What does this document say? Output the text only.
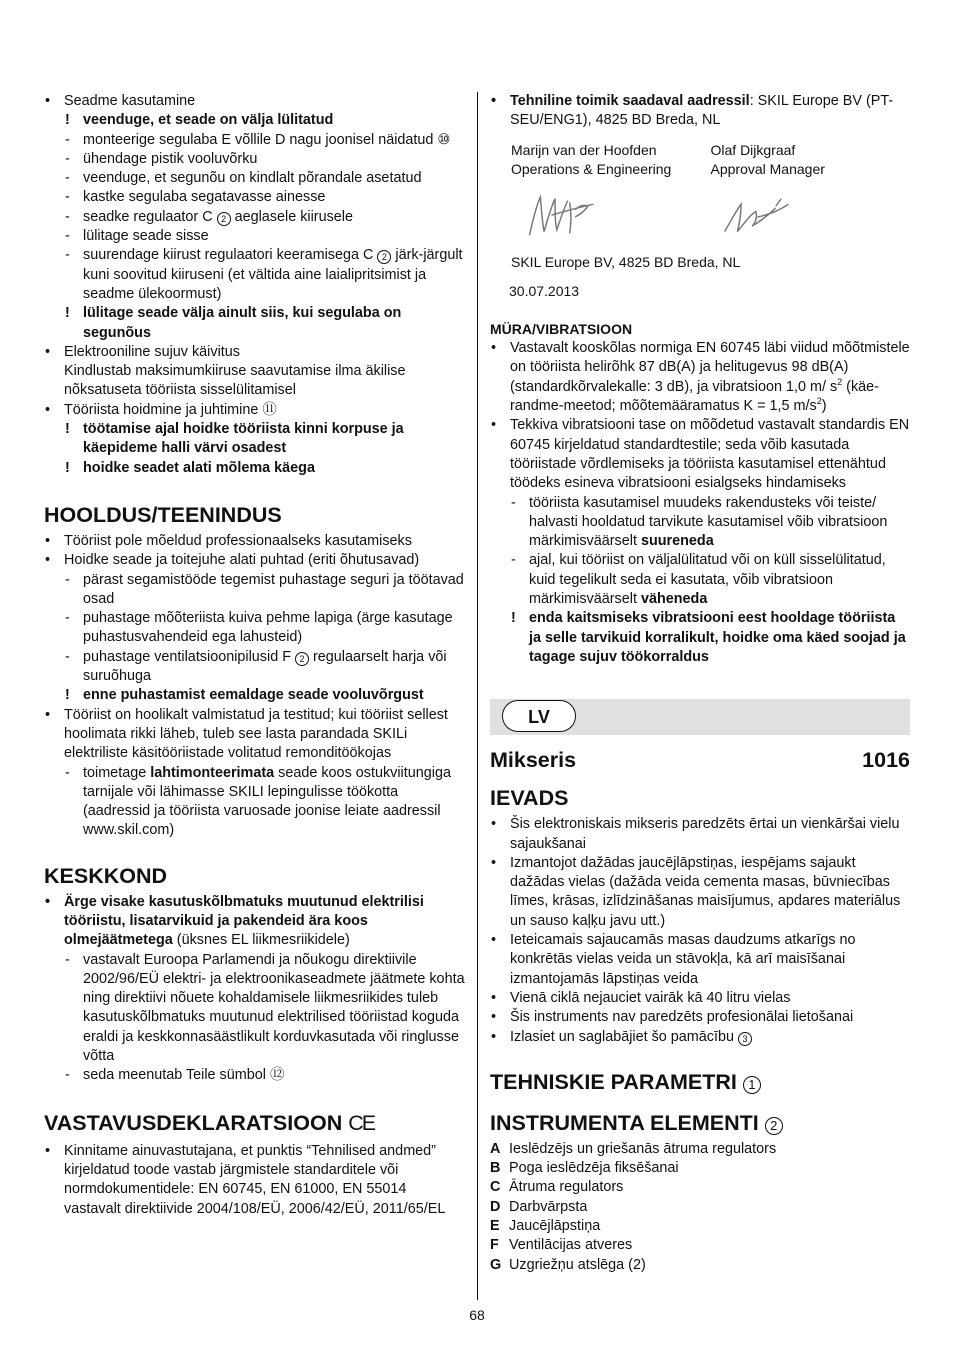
• Seadme kasutamine
! veenduge, et seade on välja lülitatud
- monteerige segulaba E võllile D nagu joonisel näidatud ⑩
- ühendage pistik vooluvõrku
- veenduge, et segunõu on kindlalt põrandale asetatud
- kastke segulaba segatavasse ainesse
- seadke regulaator C 2 aeglasele kiirusele
- lülitage seade sisse
- suurendage kiirust regulaatori keeramisega C 2 järk-järgult kuni soovitud kiiruseni (et vältida aine laialipritsimist ja seadme ülekoormust)
! lülitage seade välja ainult siis, kui segulaba on segunõus
• Elektrooniline sujuv käivitus
Kindlustab maksimumkiiruse saavutamise ilma äkilise nõksatuseta tööriista sisselülitamisel
• Tööriista hoidmine ja juhtimine ⑪
! töötamise ajal hoidke tööriista kinni korpuse ja käepideme halli värvi osadest
! hoidke seadet alati mõlema käega
HOOLDUS/TEENINDUS
• Tööriist pole mõeldud professionaalseks kasutamiseks
• Hoidke seade ja toitejuhe alati puhtad (eriti õhutusavad)
- pärast segamistööde tegemist puhastage seguri ja töötavad osad
- puhastage mõõteriista kuiva pehme lapiga (ärge kasutage puhastusvahendeid ega lahusteid)
- puhastage ventilatsioonipilusid F 2 regulaarselt harja või suruõhuga
! enne puhastamist eemaldage seade vooluvõrgust
• Tööriist on hoolikalt valmistatud ja testitud; kui tööriist sellest hoolimata rikki läheb, tuleb see lasta parandada SKILi elektriliste käsitööriistade volitatud remonditöökojas
- toimetage lahtimonteerimata seade koos ostukviitungiga tarnijale või lähimasse SKILI lepingulisse töökotta (aadressid ja tööriista varuosade joonise leiate aadressil www.skil.com)
KESKKOND
• Ärge visake kasutuskõlbmatuks muutunud elektrilisi tööriistu, lisatarvikuid ja pakendeid ära koos olmejäätmetega (üksnes EL liikmesriikidele)
- vastavalt Euroopa Parlamendi ja nõukogu direktiivile 2002/96/EÜ elektri- ja elektroonikaseadmete jäätmete kohta ning direktiivi nõuete kohaldamisele liikmesriikides tuleb kasutuskõlbmatuks muutunud elektrilised tööriistad koguda eraldi ja keskkonnasäästlikult korduvkasutada või ringlusse võtta
- seda meenutab Teile sümbol ⑫
VASTAVUSDEKLARATSIOON CE
• Kinnitame ainuvastutajana, et punktis “Tehnilised andmed” kirjeldatud toode vastab järgmistele standarditele või normdokumentidele: EN 60745, EN 61000, EN 55014 vastavalt direktiivide 2004/108/EÜ, 2006/42/EÜ, 2011/65/EL
• Tehniline toimik saadaval aadressil: SKIL Europe BV (PT-SEU/ENG1), 4825 BD Breda, NL
Marijn van der Hoofden
Operations & Engineering
Olaf Dijkgraaf
Approval Manager
SKIL Europe BV, 4825 BD Breda, NL
30.07.2013
MÜRA/VIBRATSIOON
• Vastavalt kooskõlas normiga EN 60745 läbi viidud mõõtmistele on tööriista helirõhk 87 dB(A) ja helitugevus 98 dB(A) (standardkõrvalekalle: 3 dB), ja vibratsioon 1,0 m/ $s^2$ (käe-randme-meetod; mõõtemääramatus K = 1,5 $m/s^2$)
• Tekkiva vibratsiooni tase on mõõdetud vastavalt standardis EN 60745 kirjeldatud standardtestile; seda võib kasutada tööriistade võrdlemiseks ja tööriista kasutamisel ettenähtud töödeks esineva vibratsiooni esialgseks hindamiseks
- tööriista kasutamisel muudeks rakendusteks või teiste/ halvasti hooldatud tarvikute kasutamisel võib vibratsioon märkimisväärselt suureneda
- ajal, kui tööriist on väljalülitatud või on küll sisselülitatud, kuid tegelikult seda ei kasutata, võib vibratsioon märkimisväärselt väheneda
! enda kaitsmiseks vibratsiooni eest hooldage tööriista ja selle tarvikuid korralikult, hoidke oma käed soojad ja tagage sujuv töökorraldus
LV
Mikseris	1016
IEVADS
• Šis elektroniskais mikseris paredzēts ērtai un vienkāršai vielu sajaukšanai
• Izmantojot dažādas jaucējlāpstiņas, iespējams sajaukt dažādas vielas (dažāda veida cementa masas, būvniecības līmes, krāsas, izlīdzināšanas maisījumus, apdares materiālus un sauso kaļķu javu utt.)
• Ieteicamais sajaucamās masas daudzums atkarīgs no konkrētās vielas veida un stāvokļa, kā arī maisīšanai izmantojamās lāpstiņas veida
• Vienā ciklā nejauciet vairāk kā 40 litru vielas
• Šis instruments nav paredzēts profesionālai lietošanai
• Izlasiet un saglabājiet šo pamācību 3
TEHNISKIE PARAMETRI 1
INSTRUMENTA ELEMENTI 2
A Ieslēdzējs un griešanās ātruma regulators
B Poga ieslēdzēja fiksēšanai
C Ātruma regulators
D Darbvārpsta
E Jaucējlāpstiņa
F Ventilācijas atveres
G Uzgriežņu atslēga (2)
68
